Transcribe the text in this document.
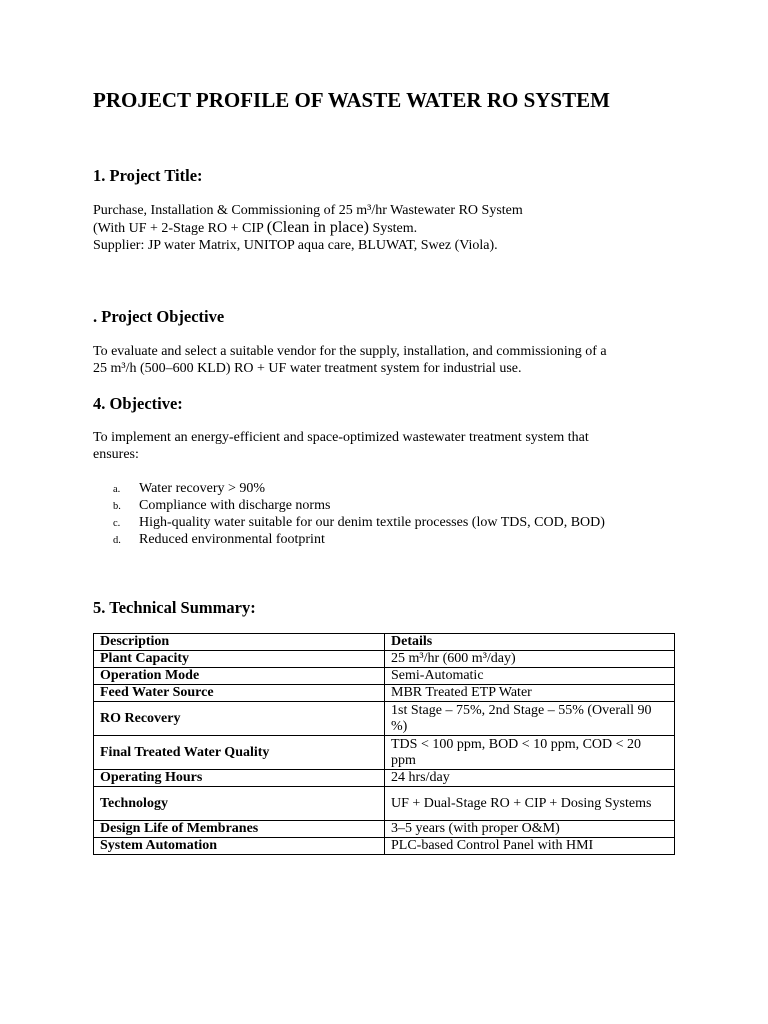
PROJECT PROFILE OF WASTE WATER RO SYSTEM
1. Project Title:
Purchase, Installation & Commissioning of 25 m³/hr Wastewater RO System
(With UF + 2-Stage RO + CIP (Clean in place) System.
Supplier: JP water Matrix, UNITOP aqua care, BLUWAT, Swez (Viola).
. Project Objective
To evaluate and select a suitable vendor for the supply, installation, and commissioning of a
25 m³/h (500–600 KLD) RO + UF water treatment system for industrial use.
4. Objective:
To implement an energy-efficient and space-optimized wastewater treatment system that
ensures:
a. Water recovery > 90%
b. Compliance with discharge norms
c. High-quality water suitable for our denim textile processes (low TDS, COD, BOD)
d. Reduced environmental footprint
5. Technical Summary:
Description	Details
Plant Capacity	25 m³/hr (600 m³/day)
Operation Mode	Semi-Automatic
Feed Water Source	MBR Treated ETP Water
RO Recovery	1st Stage – 75%, 2nd Stage – 55% (Overall 90 %)
Final Treated Water Quality	TDS < 100 ppm, BOD < 10 ppm, COD < 20 ppm
Operating Hours	24 hrs/day
Technology	UF + Dual-Stage RO + CIP + Dosing Systems
Design Life of Membranes	3–5 years (with proper O&M)
System Automation	PLC-based Control Panel with HMI
